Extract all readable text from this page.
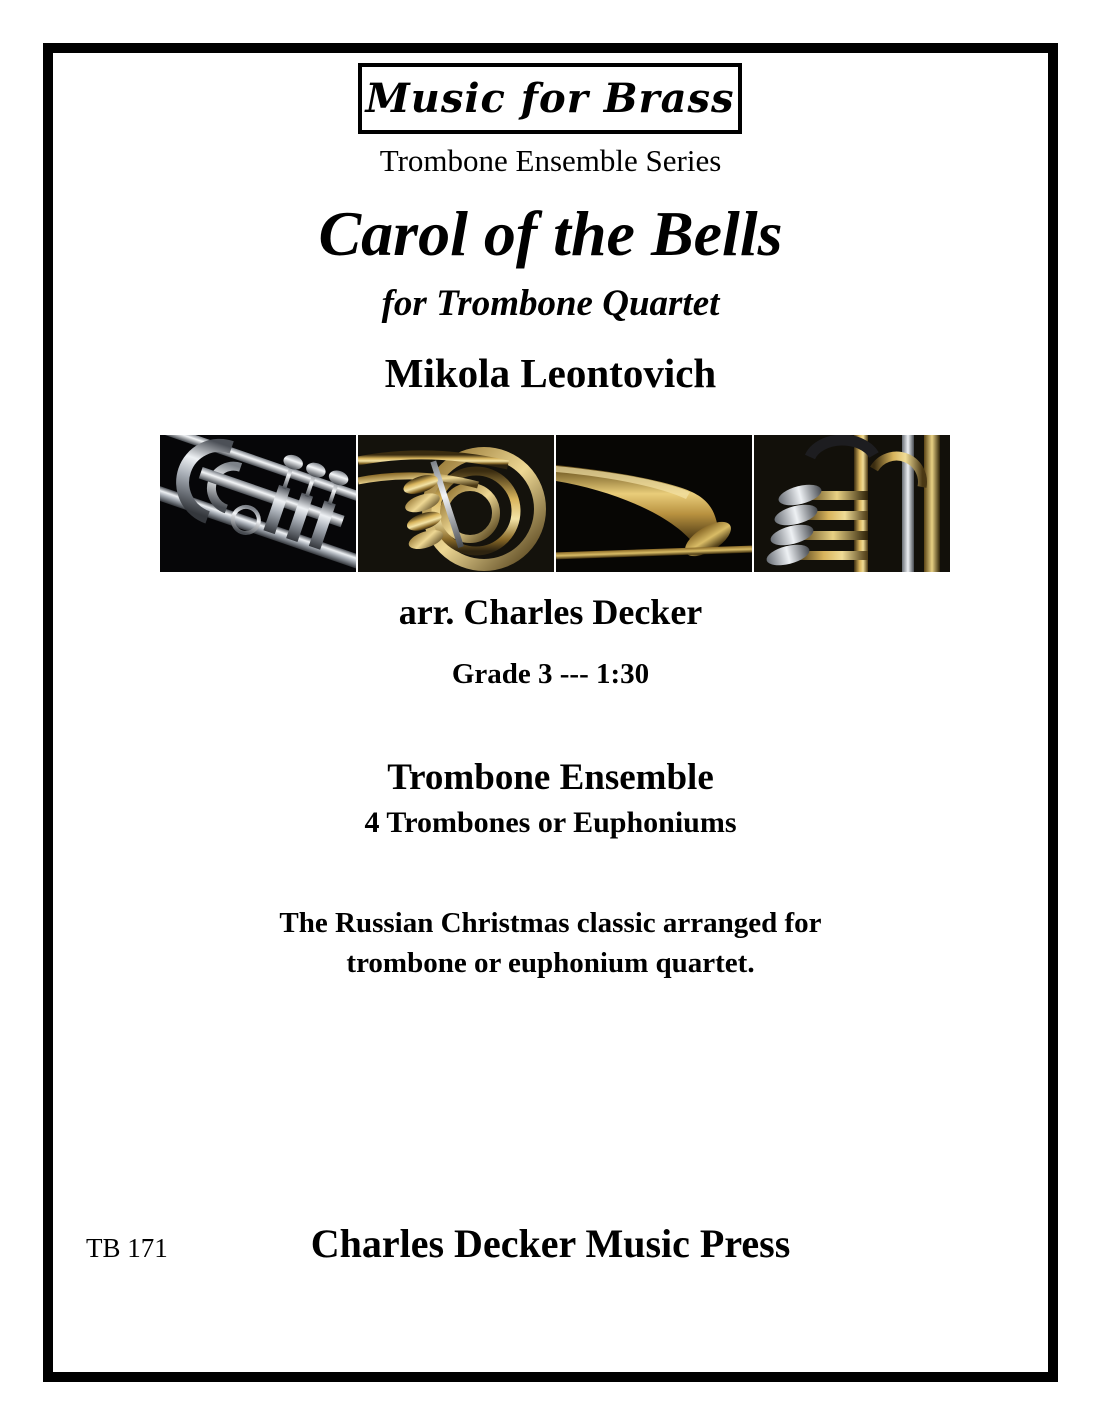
Music for Brass
Trombone Ensemble Series
Carol of the Bells
for Trombone Quartet
Mikola Leontovich
arr. Charles Decker
Grade 3 --- 1:30
Trombone Ensemble
4 Trombones or Euphoniums
The Russian Christmas classic arranged for
trombone or euphonium quartet.
TB 171	Charles Decker Music Press
